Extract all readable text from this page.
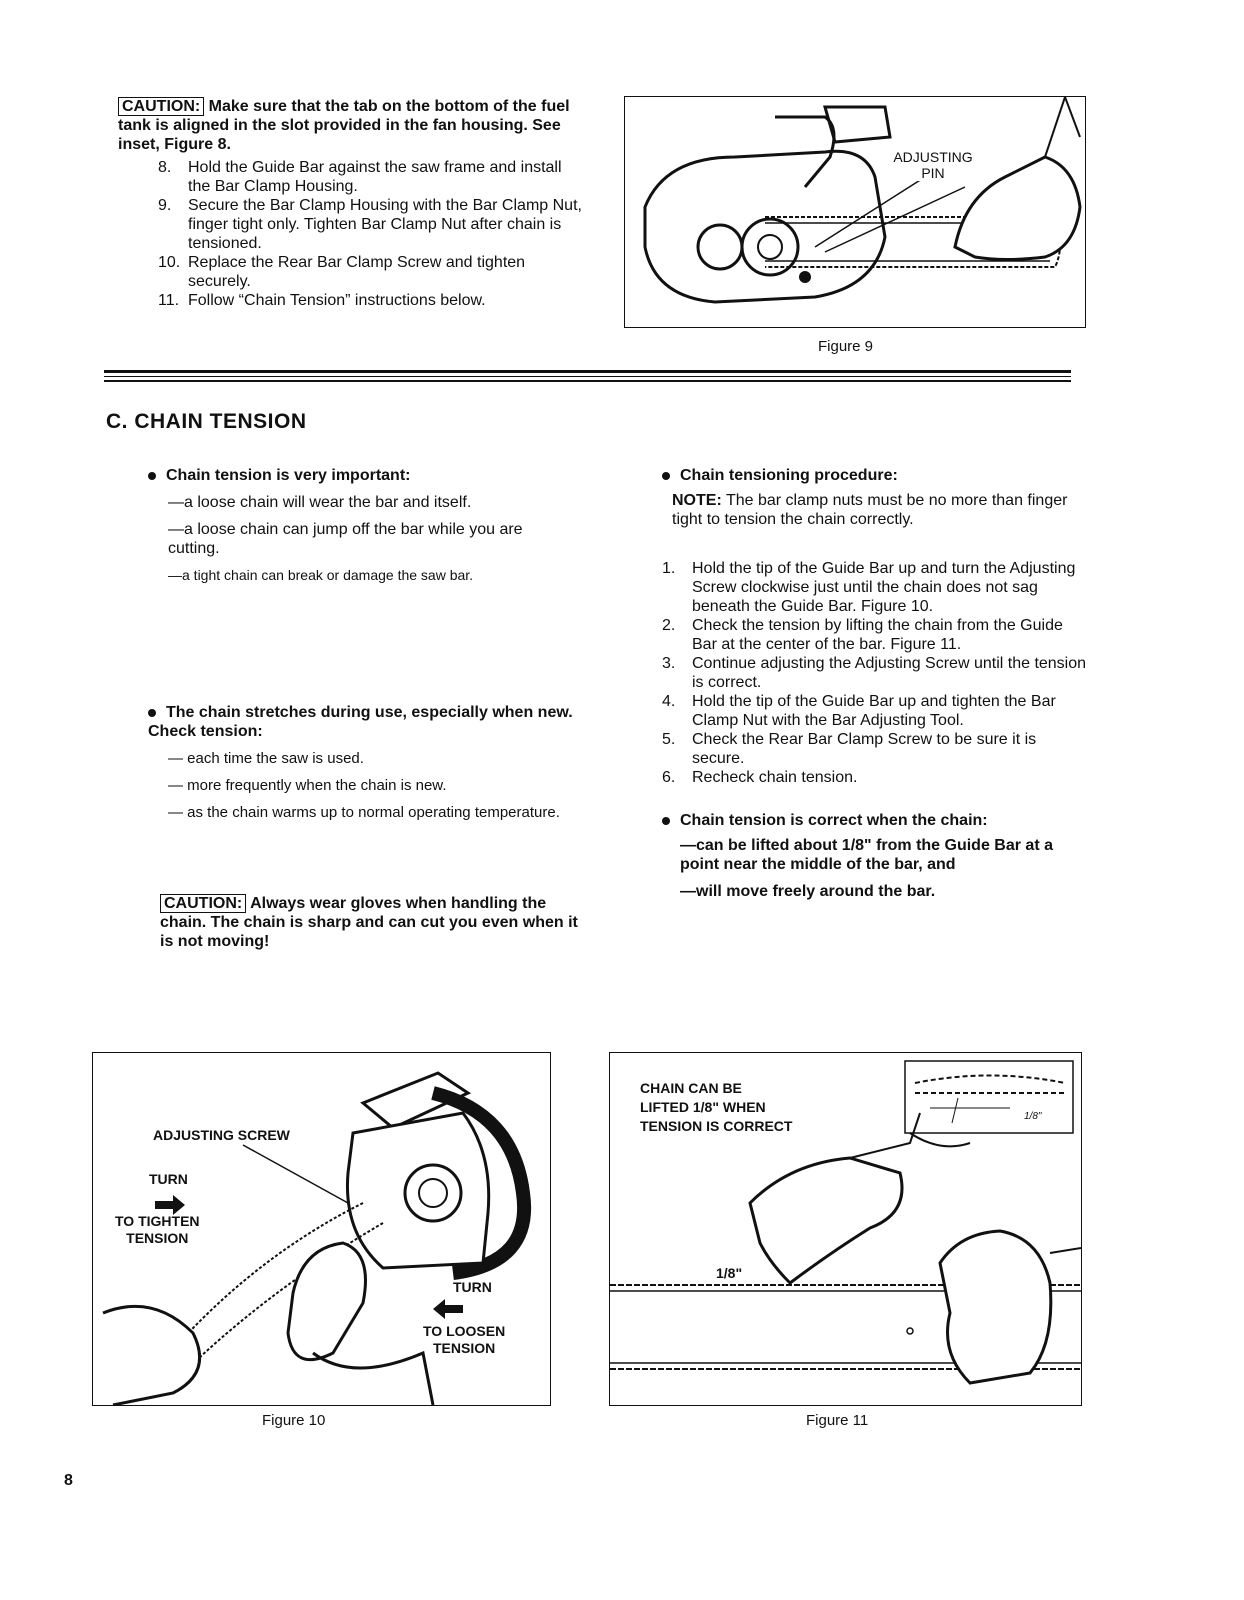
CAUTION: Make sure that the tab on the bottom of the fuel tank is aligned in the slot provided in the fan housing. See inset, Figure 8.
8. Hold the Guide Bar against the saw frame and install the Bar Clamp Housing.
9. Secure the Bar Clamp Housing with the Bar Clamp Nut, finger tight only. Tighten Bar Clamp Nut after chain is tensioned.
10. Replace the Rear Bar Clamp Screw and tighten securely.
11. Follow “Chain Tension” instructions below.
ADJUSTING
PIN
Figure 9
C. CHAIN TENSION
Chain tension is very important:
—a loose chain will wear the bar and itself.
—a loose chain can jump off the bar while you are cutting.
—a tight chain can break or damage the saw bar.
The chain stretches during use, especially when new. Check tension:
— each time the saw is used.
— more frequently when the chain is new.
— as the chain warms up to normal operating temperature.
CAUTION: Always wear gloves when handling the chain. The chain is sharp and can cut you even when it is not moving!
Chain tensioning procedure:
NOTE: The bar clamp nuts must be no more than finger tight to tension the chain correctly.
1. Hold the tip of the Guide Bar up and turn the Adjusting Screw clockwise just until the chain does not sag beneath the Guide Bar. Figure 10.
2. Check the tension by lifting the chain from the Guide Bar at the center of the bar. Figure 11.
3. Continue adjusting the Adjusting Screw until the tension is correct.
4. Hold the tip of the Guide Bar up and tighten the Bar Clamp Nut with the Bar Adjusting Tool.
5. Check the Rear Bar Clamp Screw to be sure it is secure.
6. Recheck chain tension.
Chain tension is correct when the chain:
—can be lifted about 1/8" from the Guide Bar at a point near the middle of the bar, and
—will move freely around the bar.
ADJUSTING SCREW
TURN
TO TIGHTEN
TENSION
TURN
TO LOOSEN
TENSION
Figure 10
CHAIN CAN BE
LIFTED 1/8" WHEN
TENSION IS CORRECT
1/8"
1/8"
Figure 11
8
